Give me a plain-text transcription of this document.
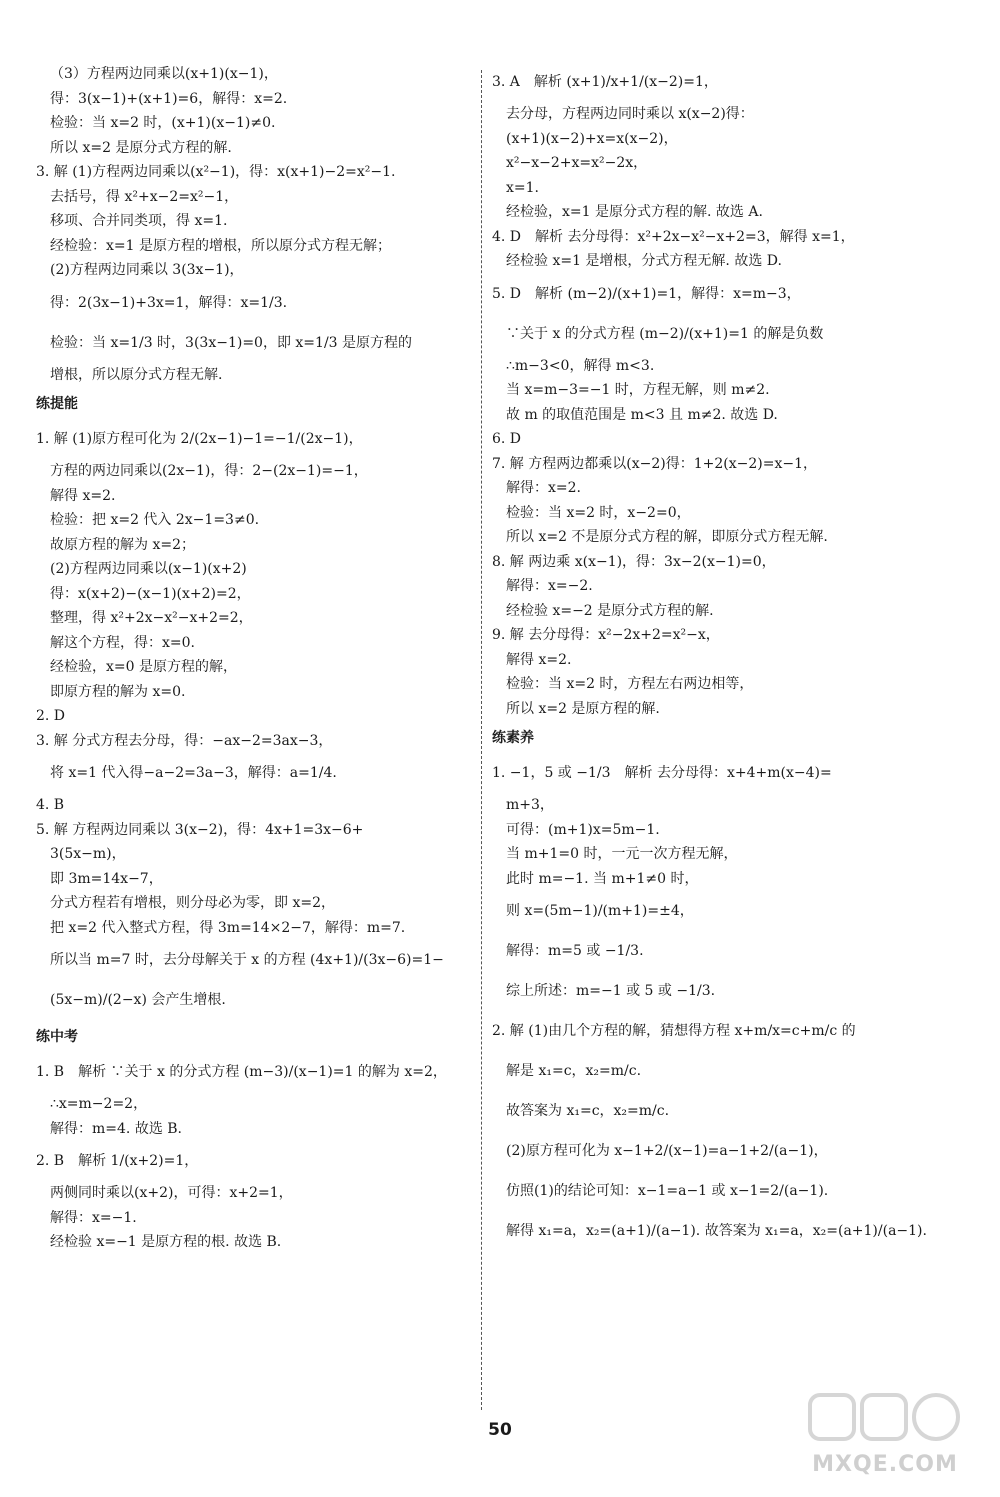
（3）方程两边同乘以(x+1)(x−1)，
得：3(x−1)+(x+1)=6，解得：x=2.
检验：当 x=2 时，(x+1)(x−1)≠0.
所以 x=2 是原分式方程的解.
3. 解 (1)方程两边同乘以(x²−1)，得：x(x+1)−2=x²−1.
去括号，得 x²+x−2=x²−1，
移项、合并同类项，得 x=1.
经检验：x=1 是原方程的增根，所以原分式方程无解；
(2)方程两边同乘以 3(3x−1)，
得：2(3x−1)+3x=1，解得：x=1/3.
检验：当 x=1/3 时，3(3x−1)=0，即 x=1/3 是原方程的
增根，所以原分式方程无解.
练提能
1. 解 (1)原方程可化为 2/(2x−1)−1=−1/(2x−1)，
方程的两边同乘以(2x−1)，得：2−(2x−1)=−1，
解得 x=2.
检验：把 x=2 代入 2x−1=3≠0.
故原方程的解为 x=2；
(2)方程两边同乘以(x−1)(x+2)
得：x(x+2)−(x−1)(x+2)=2，
整理，得 x²+2x−x²−x+2=2，
解这个方程，得：x=0.
经检验，x=0 是原方程的解，
即原方程的解为 x=0.
2. D
3. 解 分式方程去分母，得：−ax−2=3ax−3，
将 x=1 代入得−a−2=3a−3，解得：a=1/4.
4. B
5. 解 方程两边同乘以 3(x−2)，得：4x+1=3x−6+
3(5x−m)，
即 3m=14x−7，
分式方程若有增根，则分母必为零，即 x=2，
把 x=2 代入整式方程，得 3m=14×2−7，解得：m=7.
所以当 m=7 时，去分母解关于 x 的方程 (4x+1)/(3x−6)=1−
(5x−m)/(2−x) 会产生增根.
练中考
1. B　解析 ∵关于 x 的分式方程 (m−3)/(x−1)=1 的解为 x=2，
∴x=m−2=2，
解得：m=4. 故选 B.
2. B　解析 1/(x+2)=1，
两侧同时乘以(x+2)，可得：x+2=1，
解得：x=−1.
经检验 x=−1 是原方程的根. 故选 B.
3. A　解析 (x+1)/x+1/(x−2)=1，
去分母，方程两边同时乘以 x(x−2)得：
(x+1)(x−2)+x=x(x−2)，
x²−x−2+x=x²−2x，
x=1.
经检验，x=1 是原分式方程的解. 故选 A.
4. D　解析 去分母得：x²+2x−x²−x+2=3，解得 x=1，
经检验 x=1 是增根，分式方程无解. 故选 D.
5. D　解析 (m−2)/(x+1)=1，解得：x=m−3，
∵关于 x 的分式方程 (m−2)/(x+1)=1 的解是负数
∴m−3<0，解得 m<3.
当 x=m−3=−1 时，方程无解，则 m≠2.
故 m 的取值范围是 m<3 且 m≠2. 故选 D.
6. D
7. 解 方程两边都乘以(x−2)得：1+2(x−2)=x−1，
解得：x=2.
检验：当 x=2 时，x−2=0，
所以 x=2 不是原分式方程的解，即原分式方程无解.
8. 解 两边乘 x(x−1)，得：3x−2(x−1)=0，
解得：x=−2.
经检验 x=−2 是原分式方程的解.
9. 解 去分母得：x²−2x+2=x²−x，
解得 x=2.
检验：当 x=2 时，方程左右两边相等，
所以 x=2 是原方程的解.
练素养
1. −1，5 或 −1/3　解析 去分母得：x+4+m(x−4)=
m+3，
可得：(m+1)x=5m−1.
当 m+1=0 时，一元一次方程无解，
此时 m=−1. 当 m+1≠0 时，
则 x=(5m−1)/(m+1)=±4，
解得：m=5 或 −1/3.
综上所述：m=−1 或 5 或 −1/3.
2. 解 (1)由几个方程的解，猜想得方程 x+m/x=c+m/c 的
解是 x₁=c，x₂=m/c.
故答案为 x₁=c，x₂=m/c.
(2)原方程可化为 x−1+2/(x−1)=a−1+2/(a−1)，
仿照(1)的结论可知：x−1=a−1 或 x−1=2/(a−1).
解得 x₁=a，x₂=(a+1)/(a−1). 故答案为 x₁=a，x₂=(a+1)/(a−1).
50
MXQE.COM
